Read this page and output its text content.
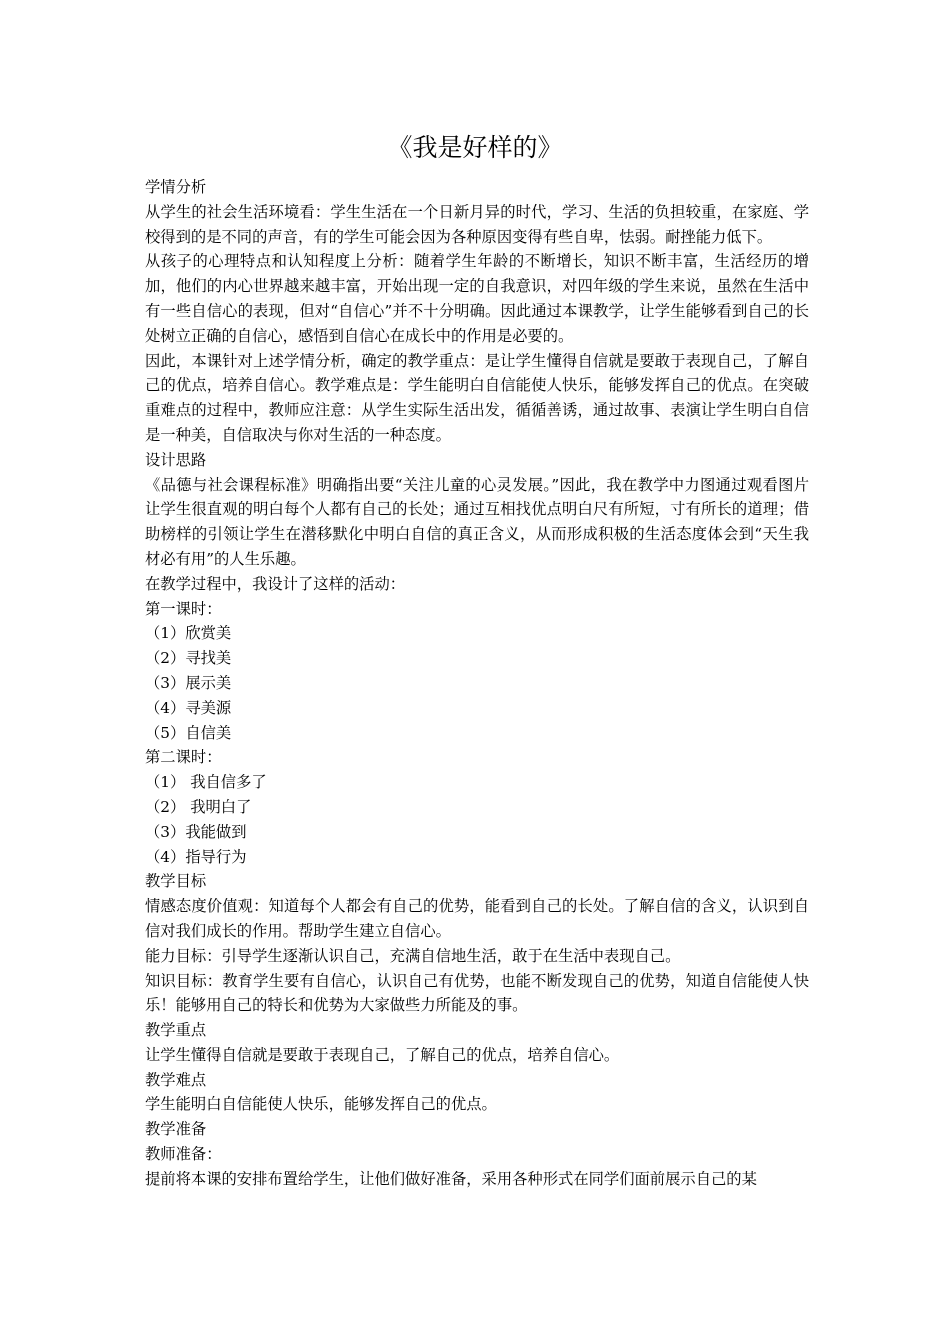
《我是好样的》

学情分析

从学生的社会生活环境看：学生生活在一个日新月异的时代，学习、生活的负担较重，在家庭、学校得到的是不同的声音，有的学生可能会因为各种原因变得有些自卑，怯弱。耐挫能力低下。

从孩子的心理特点和认知程度上分析：随着学生年龄的不断增长，知识不断丰富，生活经历的增加，他们的内心世界越来越丰富，开始出现一定的自我意识，对四年级的学生来说，虽然在生活中有一些自信心的表现，但对“自信心”并不十分明确。因此通过本课教学，让学生能够看到自己的长处树立正确的自信心，感悟到自信心在成长中的作用是必要的。

因此，本课针对上述学情分析，确定的教学重点：是让学生懂得自信就是要敢于表现自己，了解自己的优点，培养自信心。教学难点是：学生能明白自信能使人快乐，能够发挥自己的优点。在突破重难点的过程中，教师应注意：从学生实际生活出发，循循善诱，通过故事、表演让学生明白自信是一种美，自信取决与你对生活的一种态度。

设计思路

《品德与社会课程标准》明确指出要“关注儿童的心灵发展。”因此，我在教学中力图通过观看图片让学生很直观的明白每个人都有自己的长处；通过互相找优点明白尺有所短，寸有所长的道理；借助榜样的引领让学生在潜移默化中明白自信的真正含义，从而形成积极的生活态度体会到“天生我材必有用”的人生乐趣。

在教学过程中，我设计了这样的活动：

第一课时：

（1）欣赏美

（2）寻找美

（3）展示美

（4）寻美源

（5）自信美

第二课时：

（1） 我自信多了

（2） 我明白了

（3）我能做到

（4）指导行为

教学目标

情感态度价值观：知道每个人都会有自己的优势，能看到自己的长处。了解自信的含义，认识到自信对我们成长的作用。帮助学生建立自信心。

能力目标：引导学生逐渐认识自己，充满自信地生活，敢于在生活中表现自己。

知识目标：教育学生要有自信心，认识自己有优势，也能不断发现自己的优势，知道自信能使人快乐！能够用自己的特长和优势为大家做些力所能及的事。

教学重点

让学生懂得自信就是要敢于表现自己，了解自己的优点，培养自信心。

教学难点

学生能明白自信能使人快乐，能够发挥自己的优点。

教学准备

教师准备：

提前将本课的安排布置给学生，让他们做好准备，采用各种形式在同学们面前展示自己的某
